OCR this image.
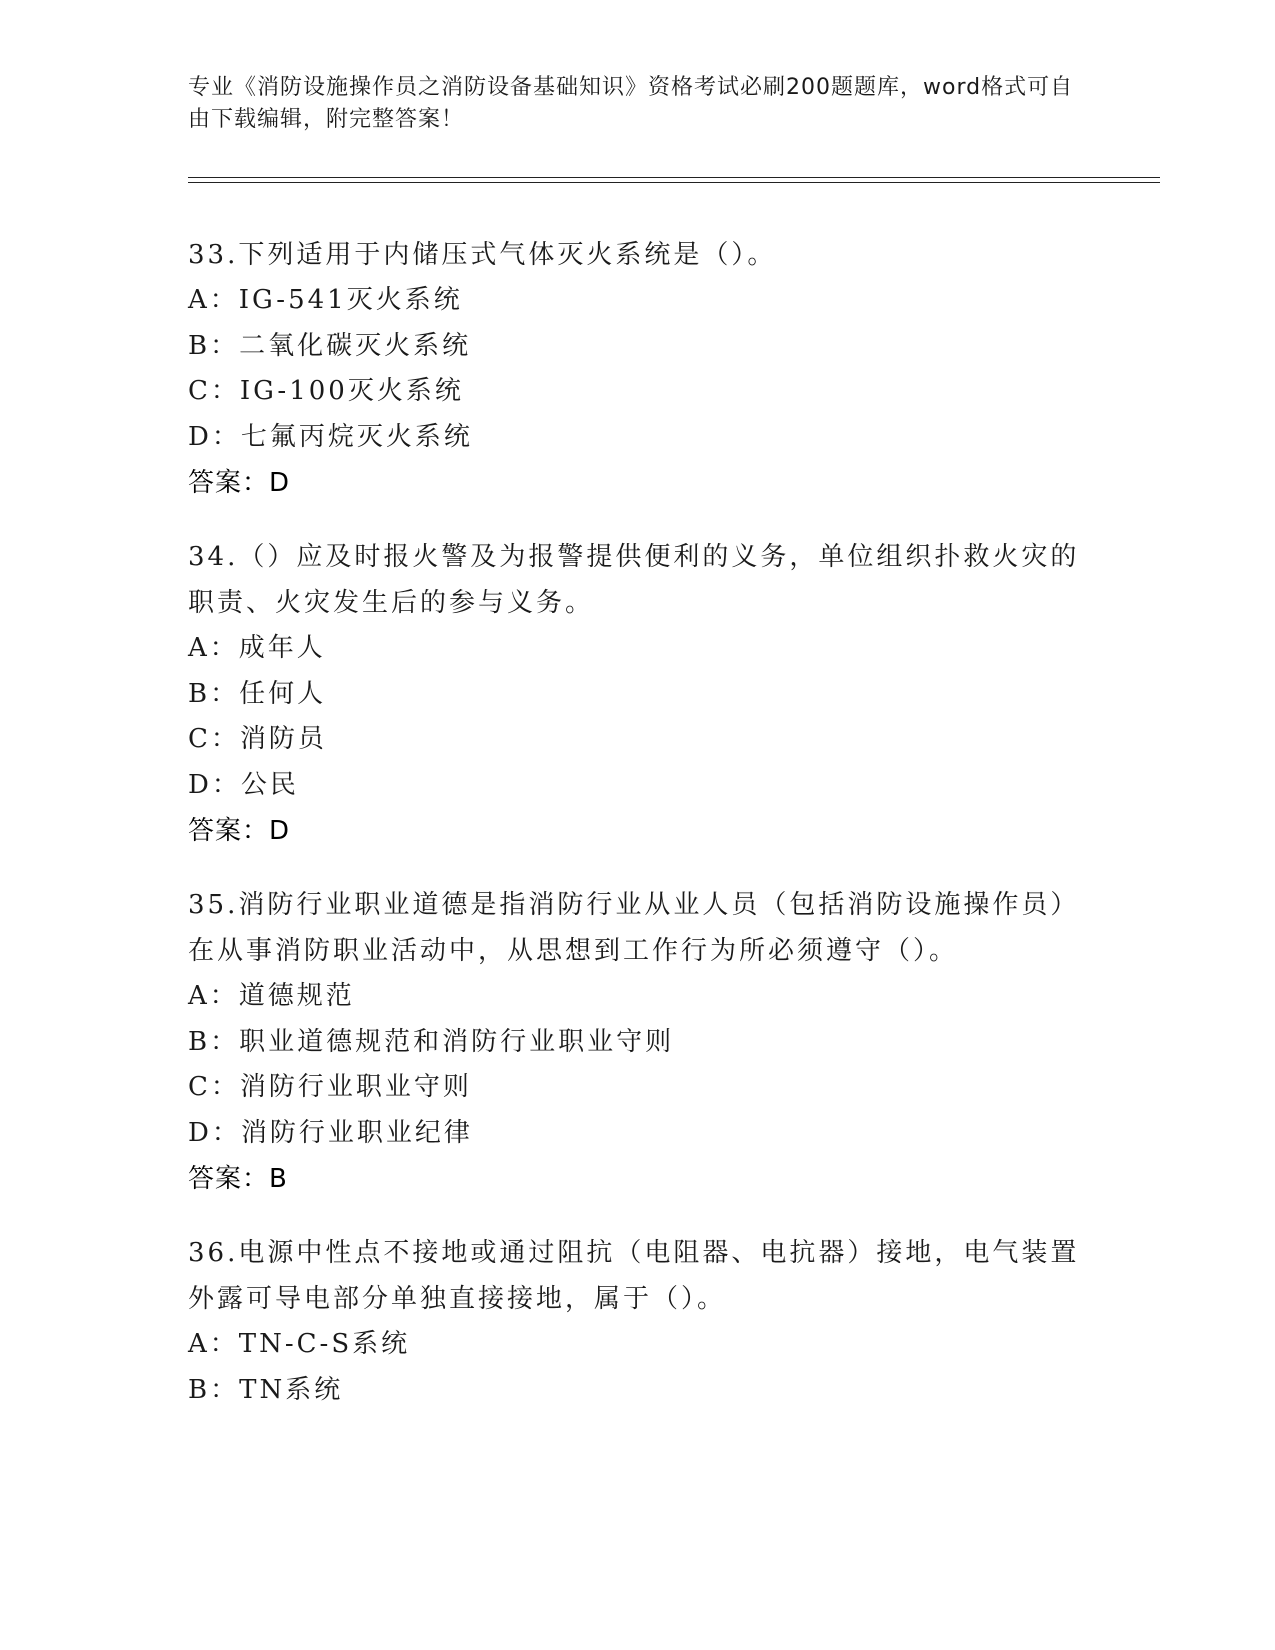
专业《消防设施操作员之消防设备基础知识》资格考试必刷200题题库，word格式可自由下载编辑，附完整答案！
33.下列适用于内储压式气体灭火系统是（）。
A：IG-541灭火系统
B：二氧化碳灭火系统
C：IG-100灭火系统
D：七氟丙烷灭火系统
答案：D
34.（）应及时报火警及为报警提供便利的义务，单位组织扑救火灾的
职责、火灾发生后的参与义务。
A：成年人
B：任何人
C：消防员
D：公民
答案：D
35.消防行业职业道德是指消防行业从业人员（包括消防设施操作员）
在从事消防职业活动中，从思想到工作行为所必须遵守（）。
A：道德规范
B：职业道德规范和消防行业职业守则
C：消防行业职业守则
D：消防行业职业纪律
答案：B
36.电源中性点不接地或通过阻抗（电阻器、电抗器）接地，电气装置
外露可导电部分单独直接接地，属于（）。
A：TN-C-S系统
B：TN系统
